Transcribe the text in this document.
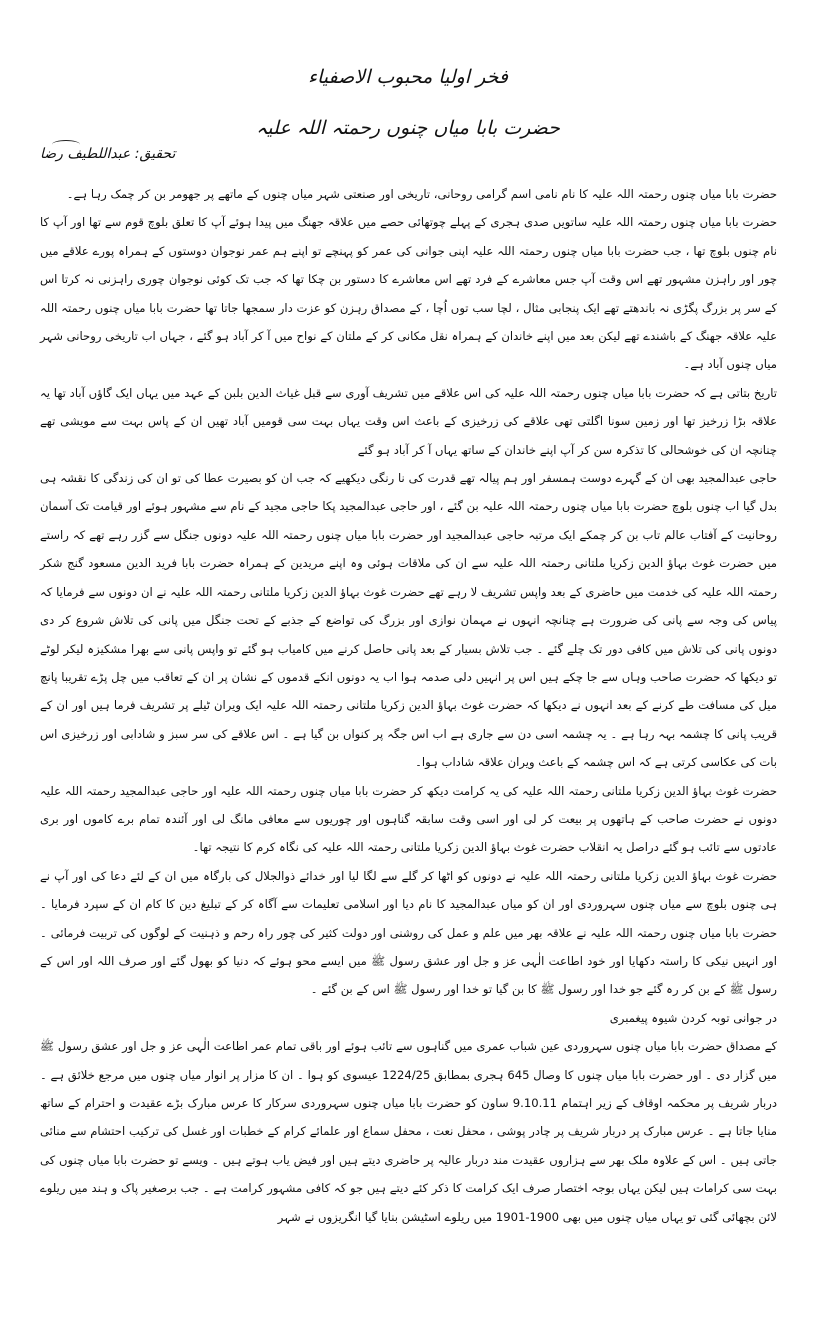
فخر اولیا محبوب الاصفیاء
حضرت بابا میاں چنوں رحمتہ اللہ علیہ
تحقیق: عبداللطیف رضا

حضرت بابا میاں چنوں رحمتہ اللہ علیہ کا نام نامی اسم گرامی روحانی، تاریخی اور صنعتی شہر میاں چنوں کے ماتھے پر جھومر بن کر چمک رہا ہے۔

حضرت بابا میاں چنوں رحمتہ اللہ علیہ ساتویں صدی ہجری کے پہلے چوتھائی حصے میں علاقہ جھنگ میں پیدا ہوئے آپ کا تعلق بلوچ قوم سے تھا اور آپ کا نام چنوں بلوچ تھا ، جب حضرت بابا میاں چنوں رحمتہ اللہ علیہ اپنی جوانی کی عمر کو پہنچے تو اپنے ہم عمر نوجوان دوستوں کے ہمراہ پورے علاقے میں چور اور راہزن مشہور تھے اس وقت آپ جس معاشرے کے فرد تھے اس معاشرے کا دستور بن چکا تھا کہ جب تک کوئی نوجوان چوری راہزنی نہ کرتا اس کے سر پر بزرگ پگڑی نہ باندھتے تھے ایک پنجابی مثال ، لچا سب توں اُچا ، کے مصداق رہزن کو عزت دار سمجھا جاتا تھا حضرت بابا میاں چنوں رحمتہ اللہ علیہ علاقہ جھنگ کے باشندے تھے لیکن بعد میں اپنے خاندان کے ہمراہ نقل مکانی کر کے ملتان کے نواح میں آ کر آباد ہو گئے ، جہاں اب تاریخی روحانی شہر میاں چنوں آباد ہے۔

تاریخ بتاتی ہے کہ حضرت بابا میاں چنوں رحمتہ اللہ علیہ کی اس علاقے میں تشریف آوری سے قبل غیاث الدین بلبن کے عہد میں یہاں ایک گاؤں آباد تھا یہ علاقہ بڑا زرخیز تھا اور زمین سونا اگلتی تھی علاقے کی زرخیزی کے باعث اس وقت یہاں بہت سی قومیں آباد تھیں ان کے پاس بہت سے مویشی تھے چنانچہ ان کی خوشحالی کا تذکرہ سن کر آپ اپنے خاندان کے ساتھ یہاں آ کر آباد ہو گئے

حاجی عبدالمجید بھی ان کے گہرے دوست ہمسفر اور ہم پیالہ تھے قدرت کی نا رنگی دیکھیے کہ جب ان کو بصیرت عطا کی تو ان کی زندگی کا نقشہ ہی بدل گیا اب چنوں بلوچ حضرت بابا میاں چنوں رحمتہ اللہ علیہ بن گئے ، اور حاجی عبدالمجید پکا حاجی مجید کے نام سے مشہور ہوئے اور قیامت تک آسمان روحانیت کے آفتاب عالم تاب بن کر چمکے ایک مرتبہ حاجی عبدالمجید اور حضرت بابا میاں چنوں رحمتہ اللہ علیہ دونوں جنگل سے گزر رہے تھے کہ راستے میں حضرت غوث بہاؤ الدین زکریا ملتانی رحمتہ اللہ علیہ سے ان کی ملاقات ہوئی وہ اپنے مریدین کے ہمراہ حضرت بابا فرید الدین مسعود گنج شکر رحمتہ اللہ علیہ کی خدمت میں حاضری کے بعد واپس تشریف لا رہے تھے حضرت غوث بہاؤ الدین زکریا ملتانی رحمتہ اللہ علیہ نے ان دونوں سے فرمایا کہ پیاس کی وجہ سے پانی کی ضرورت ہے چنانچہ انہوں نے مہمان نوازی اور بزرگ کی تواضع کے جذبے کے تحت جنگل میں پانی کی تلاش شروع کر دی دونوں پانی کی تلاش میں کافی دور تک چلے گئے ۔ جب تلاش بسیار کے بعد پانی حاصل کرنے میں کامیاب ہو گئے تو واپس پانی سے بھرا مشکیزہ لیکر لوٹے تو دیکھا کہ حضرت صاحب وہاں سے جا چکے ہیں اس پر انہیں دلی صدمہ ہوا اب یہ دونوں انکے قدموں کے نشان پر ان کے تعاقب میں چل پڑے تقریبا پانچ میل کی مسافت طے کرنے کے بعد انہوں نے دیکھا کہ حضرت غوث بہاؤ الدین زکریا ملتانی رحمتہ اللہ علیہ ایک ویران ٹیلے پر تشریف فرما ہیں اور ان کے قریب پانی کا چشمہ بہہ رہا ہے ۔ یہ چشمہ اسی دن سے جاری ہے اب اس جگہ پر کنواں بن گیا ہے ۔ اس علاقے کی سر سبز و شادابی اور زرخیزی اس بات کی عکاسی کرتی ہے کہ اس چشمہ کے باعث ویران علاقہ شاداب ہوا۔

حضرت غوث بہاؤ الدین زکریا ملتانی رحمتہ اللہ علیہ کی یہ کرامت دیکھ کر حضرت بابا میاں چنوں رحمتہ اللہ علیہ اور حاجی عبدالمجید رحمتہ اللہ علیہ دونوں نے حضرت صاحب کے ہاتھوں پر بیعت کر لی اور اسی وقت سابقہ گناہوں اور چوریوں سے معافی مانگ لی اور آئندہ تمام برے کاموں اور بری عادتوں سے تائب ہو گئے دراصل یہ انقلاب حضرت غوث بہاؤ الدین زکریا ملتانی رحمتہ اللہ علیہ کی نگاہ کرم کا نتیجہ تھا۔

حضرت غوث بہاؤ الدین زکریا ملتانی رحمتہ اللہ علیہ نے دونوں کو اٹھا کر گلے سے لگا لیا اور خدائے ذوالجلال کی بارگاہ میں ان کے لئے دعا کی اور آپ نے ہی چنوں بلوچ سے میاں چنوں سہروردی اور ان کو میاں عبدالمجید کا نام دیا اور اسلامی تعلیمات سے آگاہ کر کے تبلیغ دین کا کام ان کے سپرد فرمایا ۔ حضرت بابا میاں چنوں رحمتہ اللہ علیہ نے علاقہ بھر میں علم و عمل کی روشنی اور دولت کثیر کی چور راہ رحم و ذہنیت کے لوگوں کی تربیت فرمائی ۔ اور انہیں نیکی کا راستہ دکھایا اور خود اطاعت الٰہی عز و جل اور عشق رسول ﷺ میں ایسے محو ہوئے کہ دنیا کو بھول گئے اور صرف اللہ اور اس کے رسول ﷺ کے بن کر رہ گئے جو خدا اور رسول ﷺ کا بن گیا تو خدا اور رسول ﷺ اس کے بن گئے ۔

در جوانی توبہ کردن شیوہ پیغمبری

کے مصداق حضرت بابا میاں چنوں سہروردی عین شباب عمری میں گناہوں سے تائب ہوئے اور باقی تمام عمر اطاعت الٰہی عز و جل اور عشق رسول ﷺ میں گزار دی ۔ اور حضرت بابا میاں چنوں کا وصال 645 ہجری بمطابق 1224/25 عیسوی کو ہوا ۔ ان کا مزار پر انوار میاں چنوں میں مرجع خلائق ہے ۔ دربار شریف پر محکمہ اوقاف کے زیر اہتمام 9.10.11 ساون کو حضرت بابا میاں چنوں سہروردی سرکار کا عرس مبارک بڑے عقیدت و احترام کے ساتھ منایا جاتا ہے ۔ عرس مبارک پر دربار شریف پر چادر پوشی ، محفل نعت ، محفل سماع اور علمائے کرام کے خطبات اور غسل کی ترکیب احتشام سے منائی جاتی ہیں ۔ اس کے علاوہ ملک بھر سے ہزاروں عقیدت مند دربار عالیہ پر حاضری دیتے ہیں اور فیض یاب ہوتے ہیں ۔ ویسے تو حضرت بابا میاں چنوں کی بہت سی کرامات ہیں لیکن یہاں بوجہ اختصار صرف ایک کرامت کا ذکر کئے دیتے ہیں جو کہ کافی مشہور کرامت ہے ۔ جب برصغیر پاک و ہند میں ریلوے لائن بچھائی گئی تو یہاں میاں چنوں میں بھی 1900-1901 میں ریلوے اسٹیشن بنایا گیا انگریزوں نے شہر
